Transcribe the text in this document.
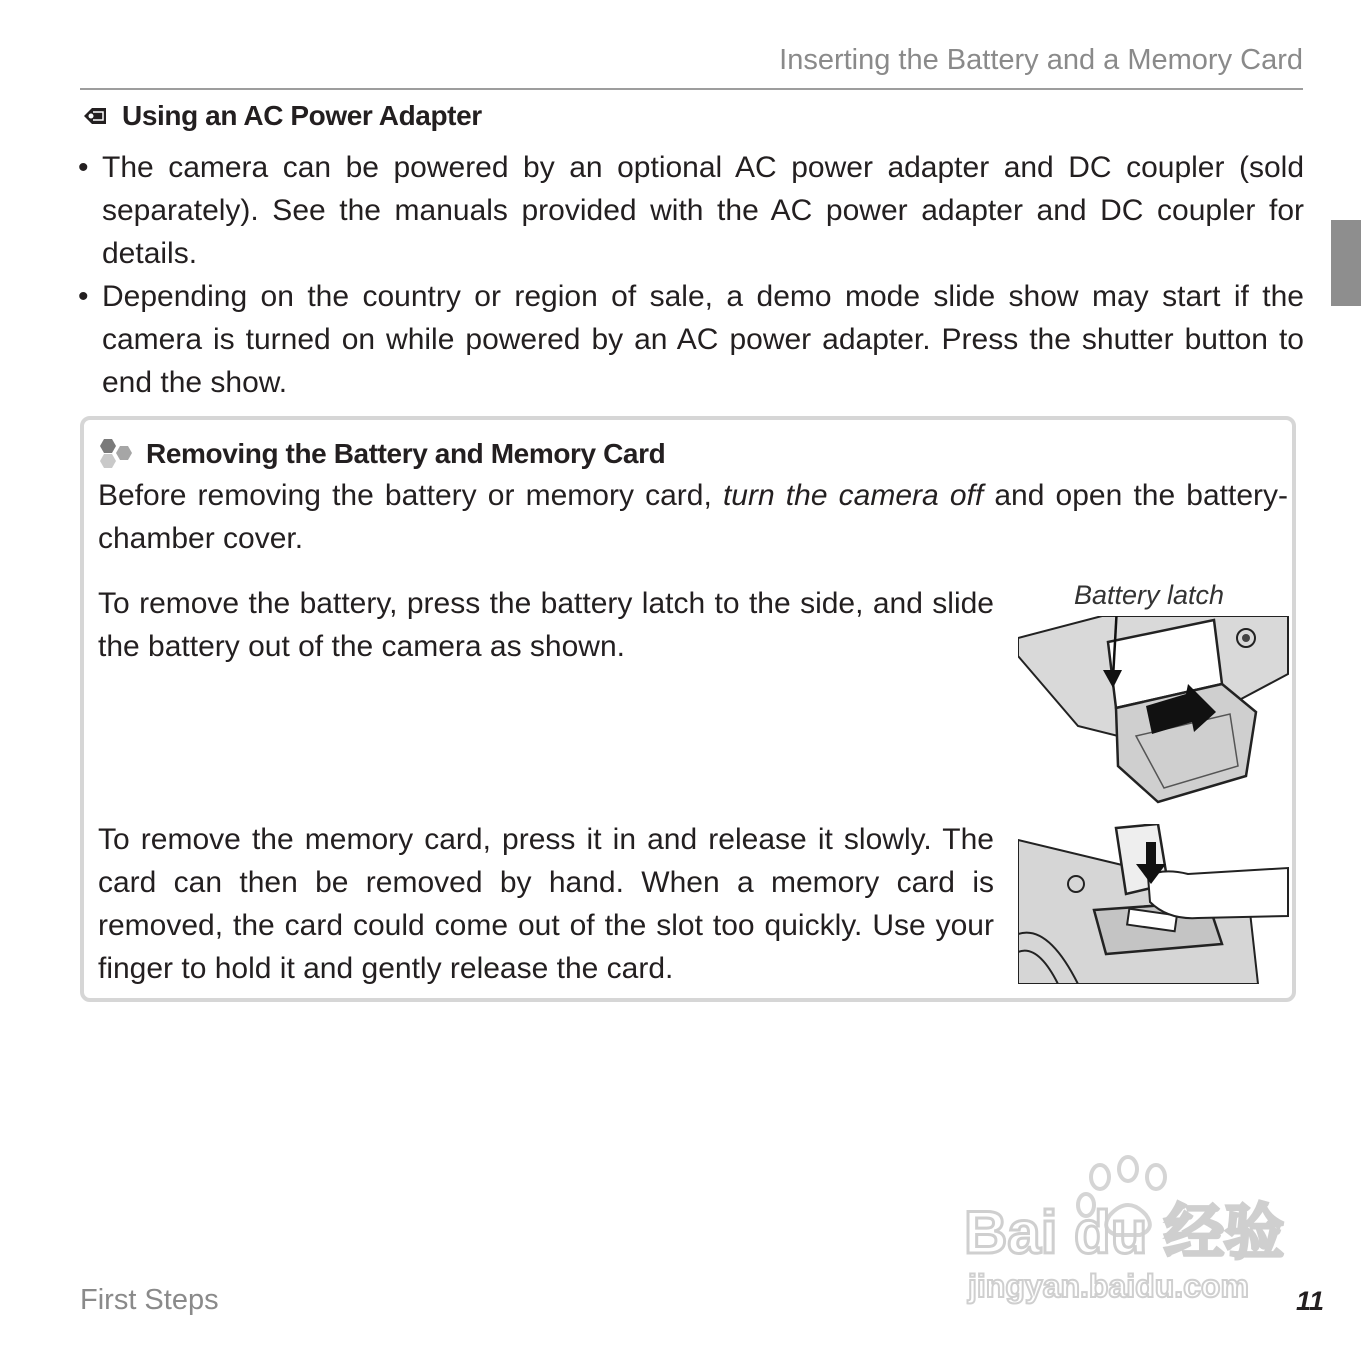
Inserting the Battery and a Memory Card
Using an AC Power Adapter
• The camera can be powered by an optional AC power adapter and DC coupler (sold separately). See the manuals provided with the AC power adapter and DC coupler for details.
• Depending on the country or region of sale, a demo mode slide show may start if the camera is turned on while powered by an AC power adapter. Press the shutter button to end the show.
Removing the Battery and Memory Card
Before removing the battery or memory card, turn the camera off and open the battery-chamber cover.
To remove the battery, press the battery latch to the side, and slide the battery out of the camera as shown.
Battery latch
To remove the memory card, press it in and release it slowly. The card can then be removed by hand. When a memory card is removed, the card could come out of the slot too quickly. Use your finger to hold it and gently release the card.
Bai du 经验
jingyan.baidu.com
First Steps	11
